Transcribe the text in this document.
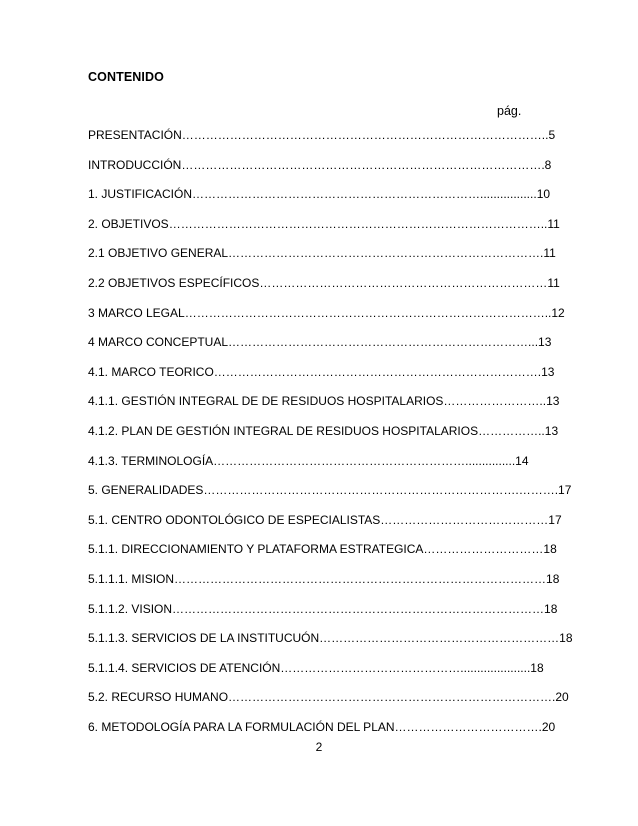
CONTENIDO
pág.
PRESENTACIÓN………………………………………………………………………………..5
INTRODUCCIÓN……………………………………………………………………………….8
1. JUSTIFICACIÓN……………………………………………………………….................10
2. OBJETIVOS…………………………………………………………………………………..11
2.1 OBJETIVO GENERAL…………………………………………………………………….11
2.2 OBJETIVOS ESPECÍFICOS………………………………………………………………11
3 MARCO LEGAL………………………………………………………………………………..12
4 MARCO CONCEPTUAL…………………………………………………………………...13
4.1. MARCO TEORICO……………………………………………………………………….13
4.1.1. GESTIÓN INTEGRAL DE DE RESIDUOS HOSPITALARIOS……………………..13
4.1.2. PLAN DE GESTIÓN INTEGRAL DE RESIDUOS HOSPITALARIOS……………..13
4.1.3. TERMINOLOGÍA………………………………………………………...............14
5. GENERALIDADES…………………………………………………………………….……….17
5.1. CENTRO ODONTOLÓGICO DE ESPECIALISTAS……………………………………17
5.1.1. DIRECCIONAMIENTO Y PLATAFORMA ESTRATEGICA…………………………18
5.1.1.1. MISION…………………………………………………………………………………18
5.1.1.2. VISION…………………………………………………………………………………18
5.1.1.3. SERVICIOS DE LA INSTITUCUÓN……………………………………………………18
5.1.1.4. SERVICIOS DE ATENCIÓN……………………………………….....................18
5.2. RECURSO HUMANO……………………………………………………………………….20
6. METODOLOGÍA PARA LA FORMULACIÓN DEL PLAN……………………………….20
2
